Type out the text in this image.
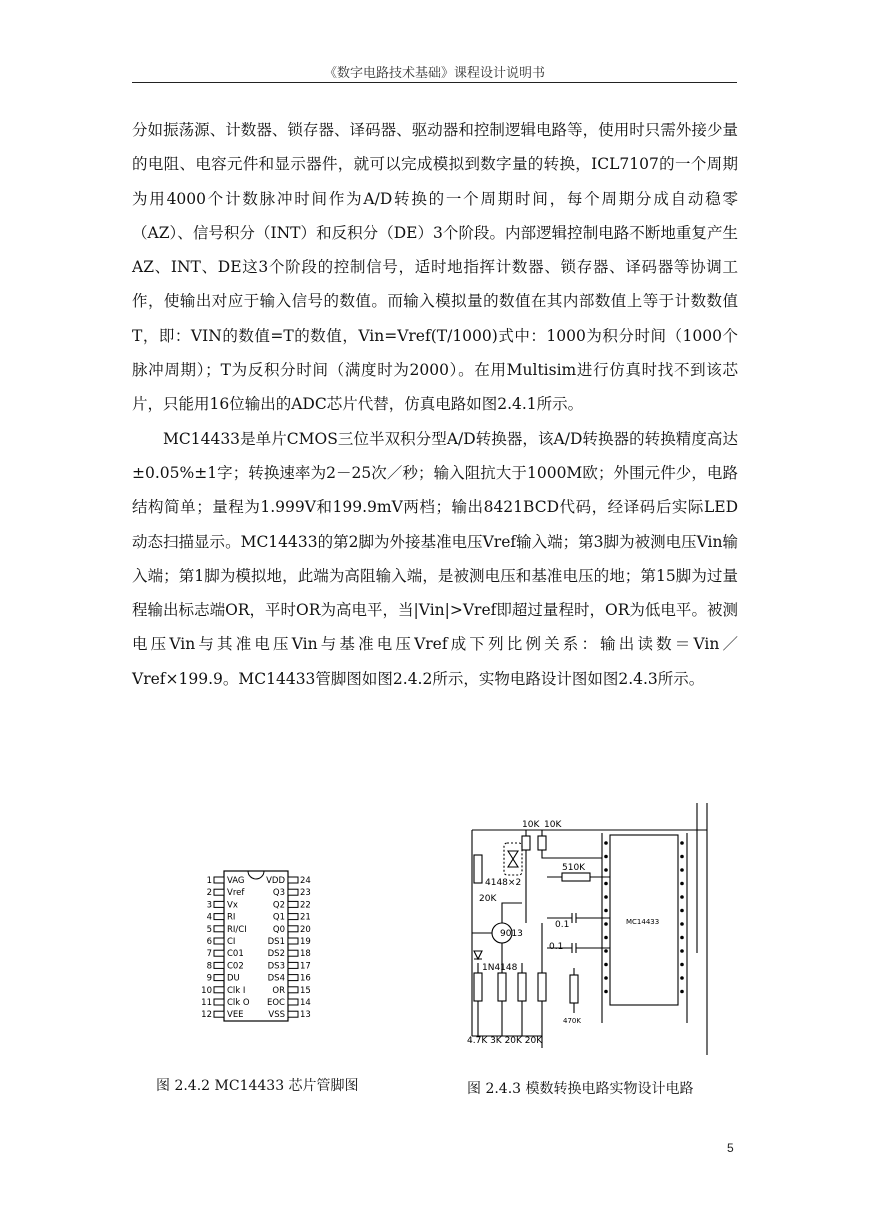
《数字电路技术基础》课程设计说明书

分如振荡源、计数器、锁存器、译码器、驱动器和控制逻辑电路等，使用时只需外接少量的电阻、电容元件和显示器件，就可以完成模拟到数字量的转换，ICL7107的一个周期为用4000个计数脉冲时间作为A/D转换的一个周期时间，每个周期分成自动稳零（AZ）、信号积分（INT）和反积分（DE）3个阶段。内部逻辑控制电路不断地重复产生AZ、INT、DE这3个阶段的控制信号，适时地指挥计数器、锁存器、译码器等协调工作，使输出对应于输入信号的数值。而输入模拟量的数值在其内部数值上等于计数数值T，即：VIN的数值=T的数值，Vin=Vref(T/1000)式中：1000为积分时间（1000个脉冲周期）；T为反积分时间（满度时为2000）。在用Multisim进行仿真时找不到该芯片，只能用16位输出的ADC芯片代替，仿真电路如图2.4.1所示。

MC14433是单片CMOS三位半双积分型A/D转换器，该A/D转换器的转换精度高达±0.05%±1字；转换速率为2－25次／秒；输入阻抗大于1000M欧；外围元件少，电路结构简单；量程为1.999V和199.9mV两档；输出8421BCD代码，经译码后实际LED动态扫描显示。MC14433的第2脚为外接基准电压Vref输入端；第3脚为被测电压Vin输入端；第1脚为模拟地，此端为高阻输入端，是被测电压和基准电压的地；第15脚为过量程输出标志端OR，平时OR为高电平，当|Vin|>Vref即超过量程时，OR为低电平。被测电压Vin与其准电压Vin与基准电压Vref成下列比例关系：输出读数＝Vin／Vref×199.9。MC14433管脚图如图2.4.2所示，实物电路设计图如图2.4.3所示。

1 VAG
2 Vref
3 Vx
4 RI
5 RI/CI
6 CI
7 C01
8 C02
9 DU
10 Clk I
11 Clk O
12 VEE
24
VDD
23
Q3
22
Q2
21
Q1
20
Q0
19
DS1
18
DS2
17
DS3
16
DS4
15
OR
14
EOC
13
VSS
图 2.4.2 MC14433 芯片管脚图
10K 10K
510K
4148×2
20K
9013
1N4148
0.1
0.1
MC14433
470K
4.7K 3K 20K 20K
图 2.4.3 模数转换电路实物设计电路
5
